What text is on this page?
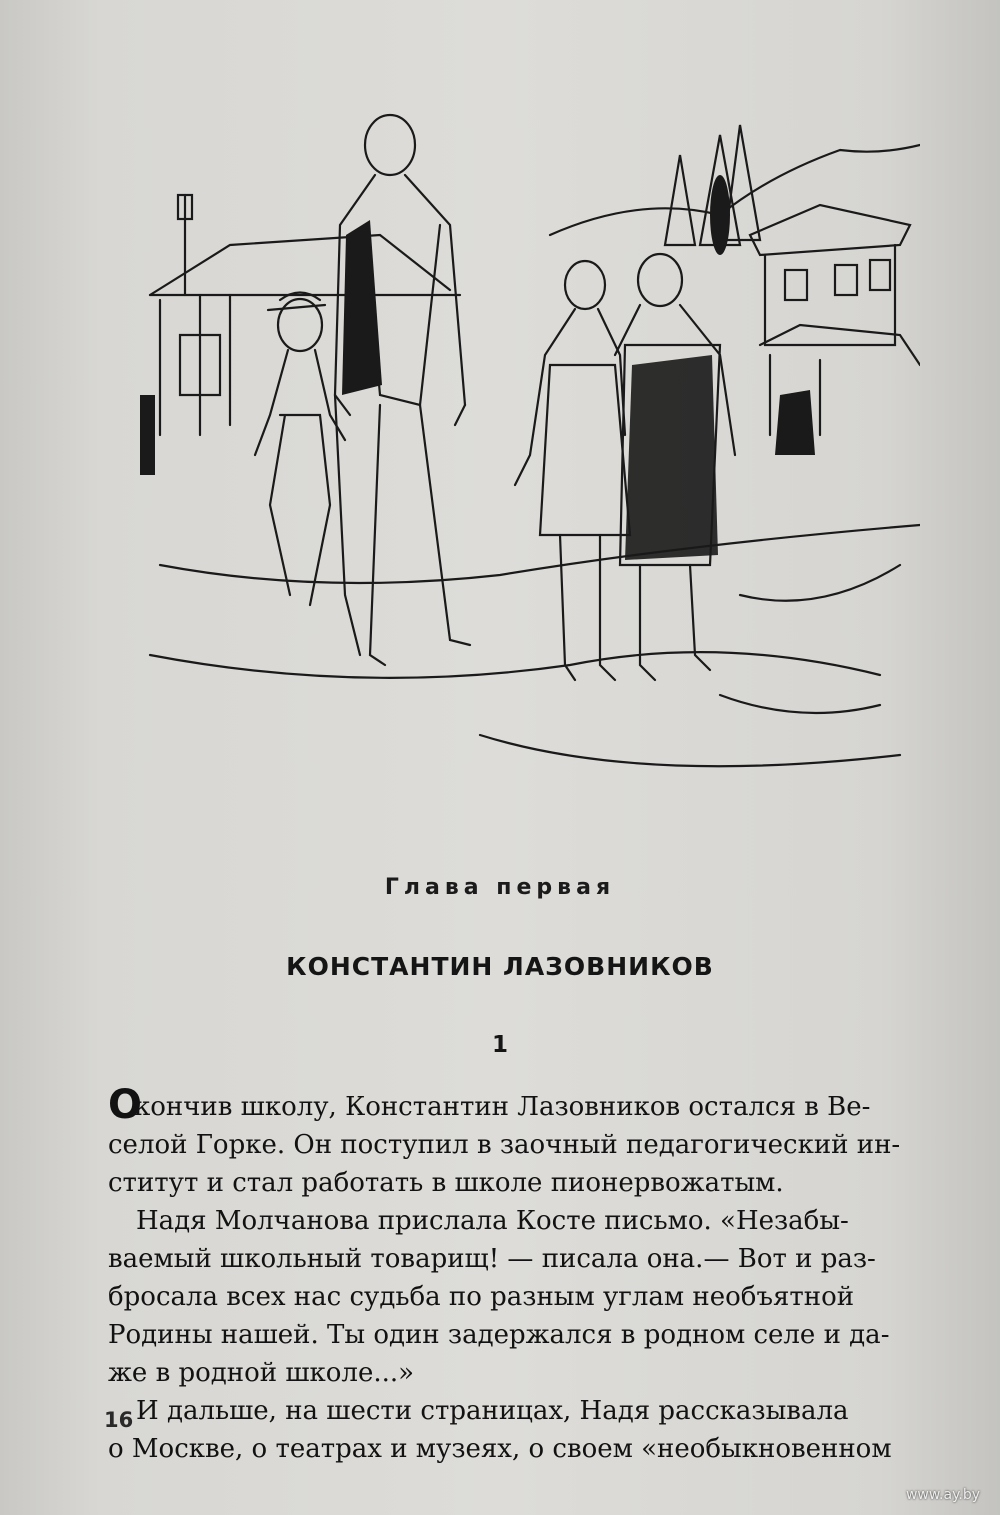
Глава первая
КОНСТАНТИН ЛАЗОВНИКОВ
1
Окончив школу, Константин Лазовников остался в Ве-
селой Горке. Он поступил в заочный педагогический ин-
ститут и стал работать в школе пионервожатым.
Надя Молчанова прислала Косте письмо. «Незабы-
ваемый школьный товарищ! — писала она.— Вот и раз-
бросала всех нас судьба по разным углам необъятной
Родины нашей. Ты один задержался в родном селе и да-
же в родной школе...»
И дальше, на шести страницах, Надя рассказывала
о Москве, о театрах и музеях, о своем «необыкновенном
16
www.ay.by
